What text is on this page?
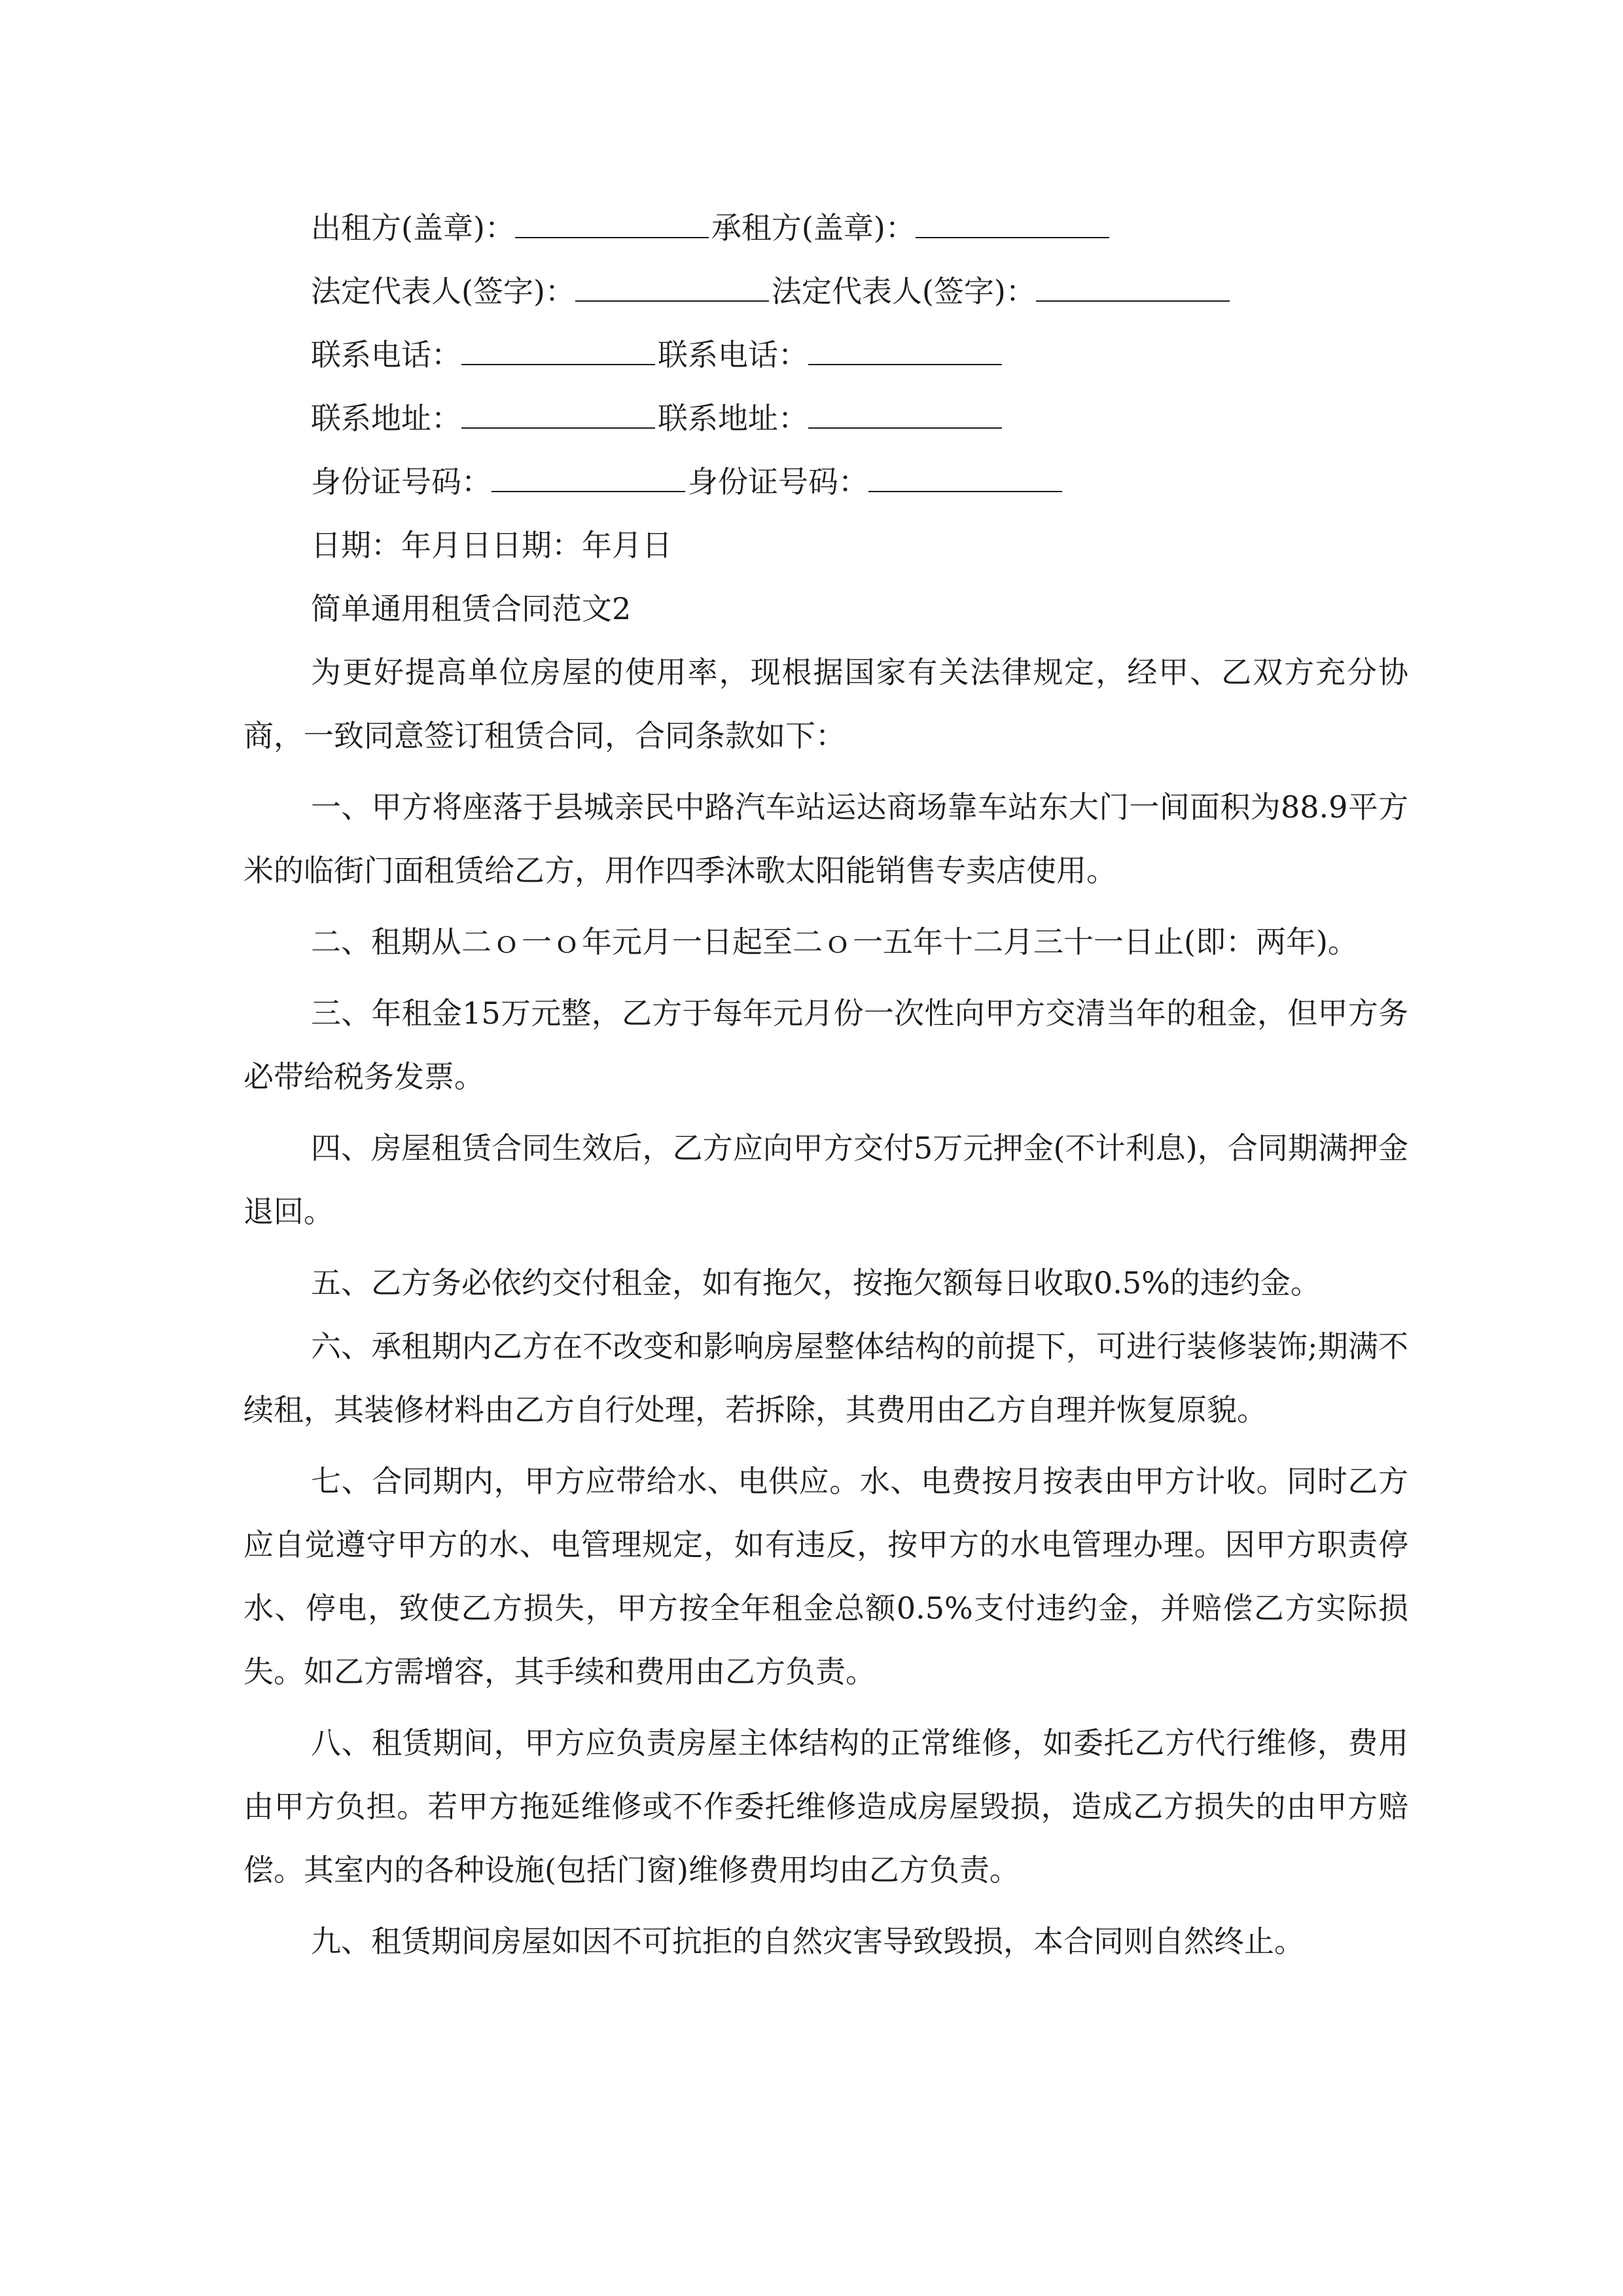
出租方(盖章)：	承租方(盖章)：
法定代表人(签字)：	法定代表人(签字)：
联系电话：	联系电话：
联系地址：	联系地址：
身份证号码：	身份证号码：
日期：年月日日期：年月日
简单通用租赁合同范文2

为更好提高单位房屋的使用率，现根据国家有关法律规定，经甲、乙双方充分协商，一致同意签订租赁合同，合同条款如下：

一、甲方将座落于县城亲民中路汽车站运达商场靠车站东大门一间面积为88.9平方米的临街门面租赁给乙方，用作四季沐歌太阳能销售专卖店使用。

二、租期从二ｏ一ｏ年元月一日起至二ｏ一五年十二月三十一日止(即：两年)。

三、年租金15万元整，乙方于每年元月份一次性向甲方交清当年的租金，但甲方务必带给税务发票。

四、房屋租赁合同生效后，乙方应向甲方交付5万元押金(不计利息)，合同期满押金退回。

五、乙方务必依约交付租金，如有拖欠，按拖欠额每日收取0.5%的违约金。

六、承租期内乙方在不改变和影响房屋整体结构的前提下，可进行装修装饰;期满不续租，其装修材料由乙方自行处理，若拆除，其费用由乙方自理并恢复原貌。

七、合同期内，甲方应带给水、电供应。水、电费按月按表由甲方计收。同时乙方应自觉遵守甲方的水、电管理规定，如有违反，按甲方的水电管理办理。因甲方职责停水、停电，致使乙方损失，甲方按全年租金总额0.5%支付违约金，并赔偿乙方实际损失。如乙方需增容，其手续和费用由乙方负责。

八、租赁期间，甲方应负责房屋主体结构的正常维修，如委托乙方代行维修，费用由甲方负担。若甲方拖延维修或不作委托维修造成房屋毁损，造成乙方损失的由甲方赔偿。其室内的各种设施(包括门窗)维修费用均由乙方负责。

九、租赁期间房屋如因不可抗拒的自然灾害导致毁损，本合同则自然终止。
